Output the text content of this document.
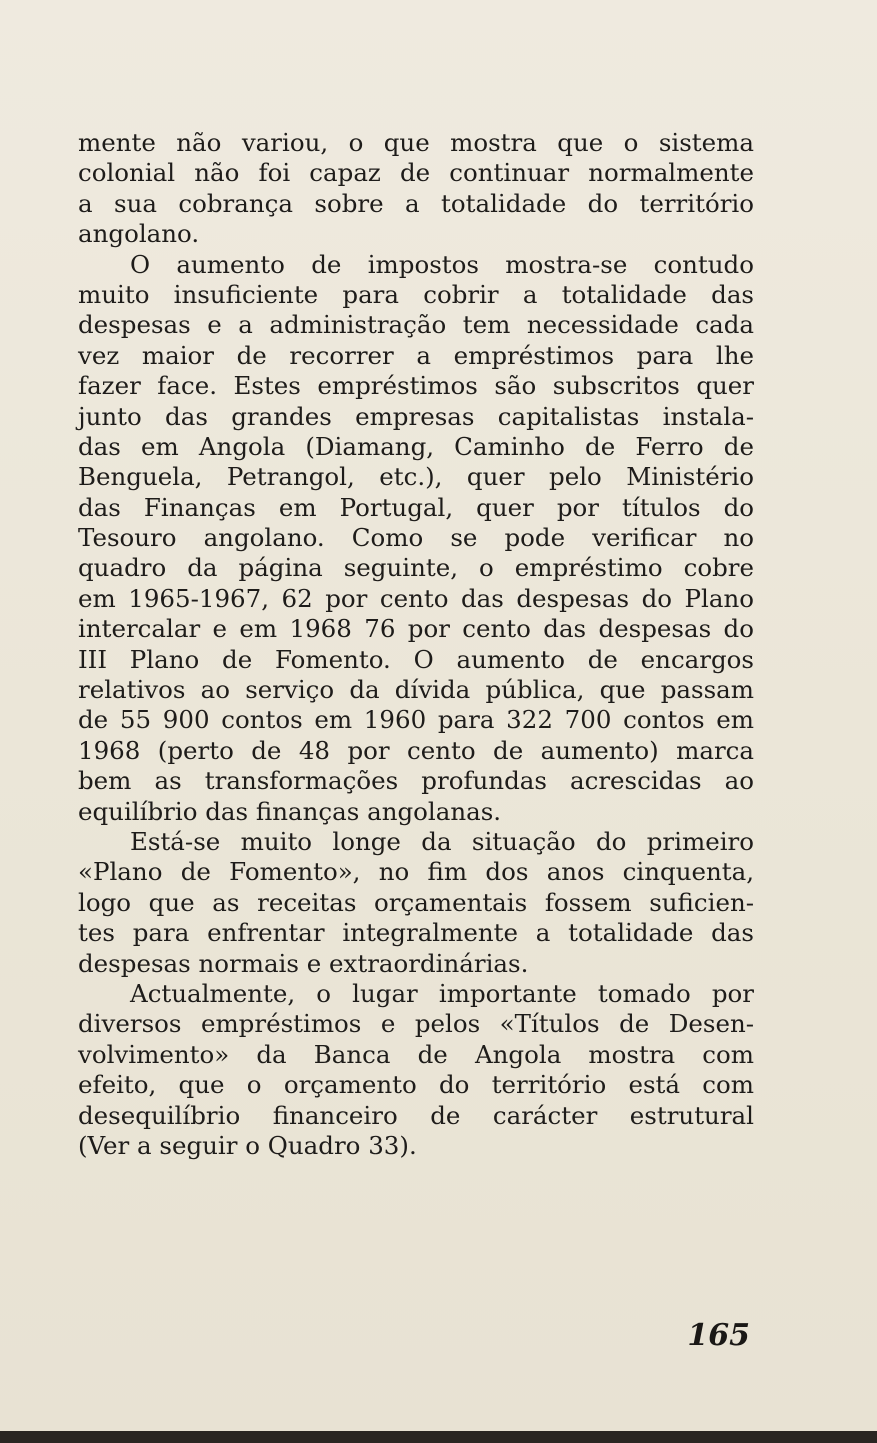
mente não variou, o que mostra que o sistema
colonial não foi capaz de continuar normalmente
a sua cobrança sobre a totalidade do território
angolano.
O aumento de impostos mostra-se contudo
muito insuficiente para cobrir a totalidade das
despesas e a administração tem necessidade cada
vez maior de recorrer a empréstimos para lhe
fazer face. Estes empréstimos são subscritos quer
junto das grandes empresas capitalistas instala-
das em Angola (Diamang, Caminho de Ferro de
Benguela, Petrangol, etc.), quer pelo Ministério
das Finanças em Portugal, quer por títulos do
Tesouro angolano. Como se pode verificar no
quadro da página seguinte, o empréstimo cobre
em 1965-1967, 62 por cento das despesas do Plano
intercalar e em 1968 76 por cento das despesas do
III Plano de Fomento. O aumento de encargos
relativos ao serviço da dívida pública, que passam
de 55 900 contos em 1960 para 322 700 contos em
1968 (perto de 48 por cento de aumento) marca
bem as transformações profundas acrescidas ao
equilíbrio das finanças angolanas.
Está-se muito longe da situação do primeiro
«Plano de Fomento», no fim dos anos cinquenta,
logo que as receitas orçamentais fossem suficien-
tes para enfrentar integralmente a totalidade das
despesas normais e extraordinárias.
Actualmente, o lugar importante tomado por
diversos empréstimos e pelos «Títulos de Desen-
volvimento» da Banca de Angola mostra com
efeito, que o orçamento do território está com
desequilíbrio financeiro de carácter estrutural
(Ver a seguir o Quadro 33).
165
